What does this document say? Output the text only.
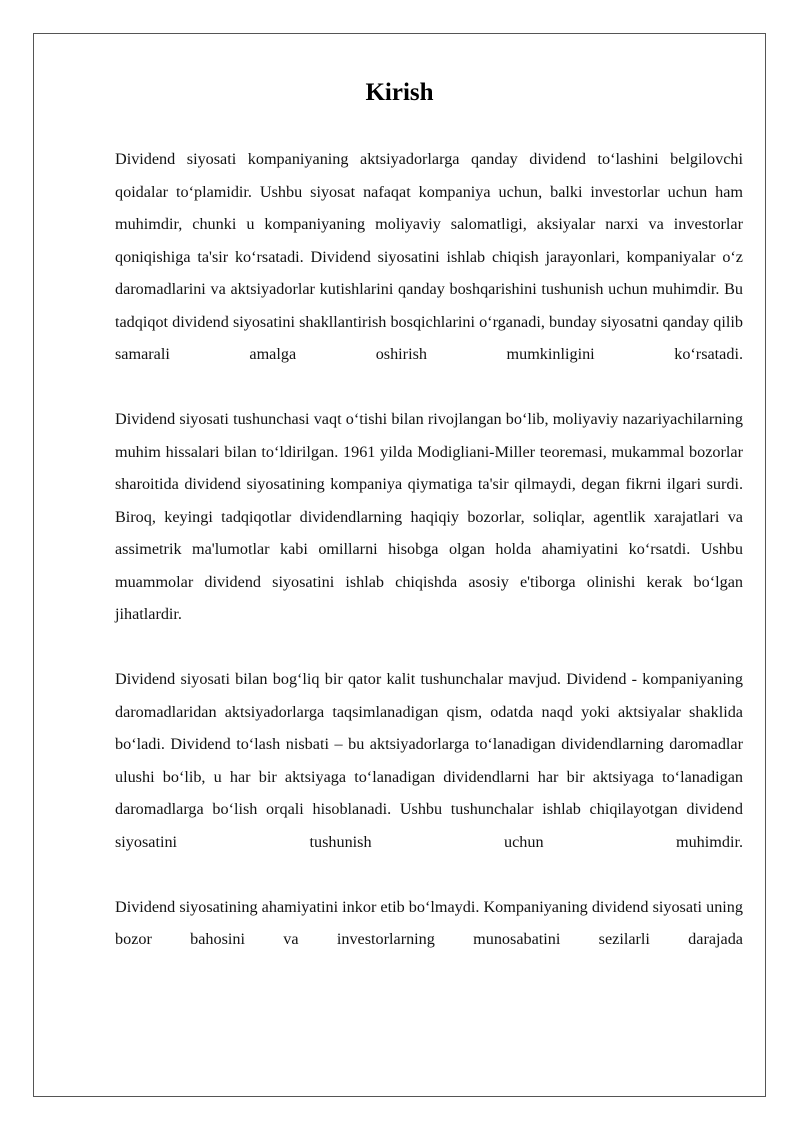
Kirish

Dividend siyosati kompaniyaning aktsiyadorlarga qanday dividend to‘lashini belgilovchi qoidalar to‘plamidir. Ushbu siyosat nafaqat kompaniya uchun, balki investorlar uchun ham muhimdir, chunki u kompaniyaning moliyaviy salomatligi, aksiyalar narxi va investorlar qoniqishiga ta'sir ko‘rsatadi. Dividend siyosatini ishlab chiqish jarayonlari, kompaniyalar o‘z daromadlarini va aktsiyadorlar kutishlarini qanday boshqarishini tushunish uchun muhimdir. Bu tadqiqot dividend siyosatini shakllantirish bosqichlarini o‘rganadi, bunday siyosatni qanday qilib samarali amalga oshirish mumkinligini ko‘rsatadi.

Dividend siyosati tushunchasi vaqt o‘tishi bilan rivojlangan bo‘lib, moliyaviy nazariyachilarning muhim hissalari bilan to‘ldirilgan. 1961 yilda Modigliani-Miller teoremasi, mukammal bozorlar sharoitida dividend siyosatining kompaniya qiymatiga ta'sir qilmaydi, degan fikrni ilgari surdi. Biroq, keyingi tadqiqotlar dividendlarning haqiqiy bozorlar, soliqlar, agentlik xarajatlari va assimetrik ma'lumotlar kabi omillarni hisobga olgan holda ahamiyatini ko‘rsatdi. Ushbu muammolar dividend siyosatini ishlab chiqishda asosiy e'tiborga olinishi kerak bo‘lgan jihatlardir.

Dividend siyosati bilan bog‘liq bir qator kalit tushunchalar mavjud. Dividend - kompaniyaning daromadlaridan aktsiyadorlarga taqsimlanadigan qism, odatda naqd yoki aktsiyalar shaklida bo‘ladi. Dividend to‘lash nisbati – bu aktsiyadorlarga to‘lanadigan dividendlarning daromadlar ulushi bo‘lib, u har bir aktsiyaga to‘lanadigan dividendlarni har bir aktsiyaga to‘lanadigan daromadlarga bo‘lish orqali hisoblanadi. Ushbu tushunchalar ishlab chiqilayotgan dividend siyosatini tushunish uchun muhimdir.

Dividend siyosatining ahamiyatini inkor etib bo‘lmaydi. Kompaniyaning dividend siyosati uning bozor bahosini va investorlarning munosabatini sezilarli darajada
